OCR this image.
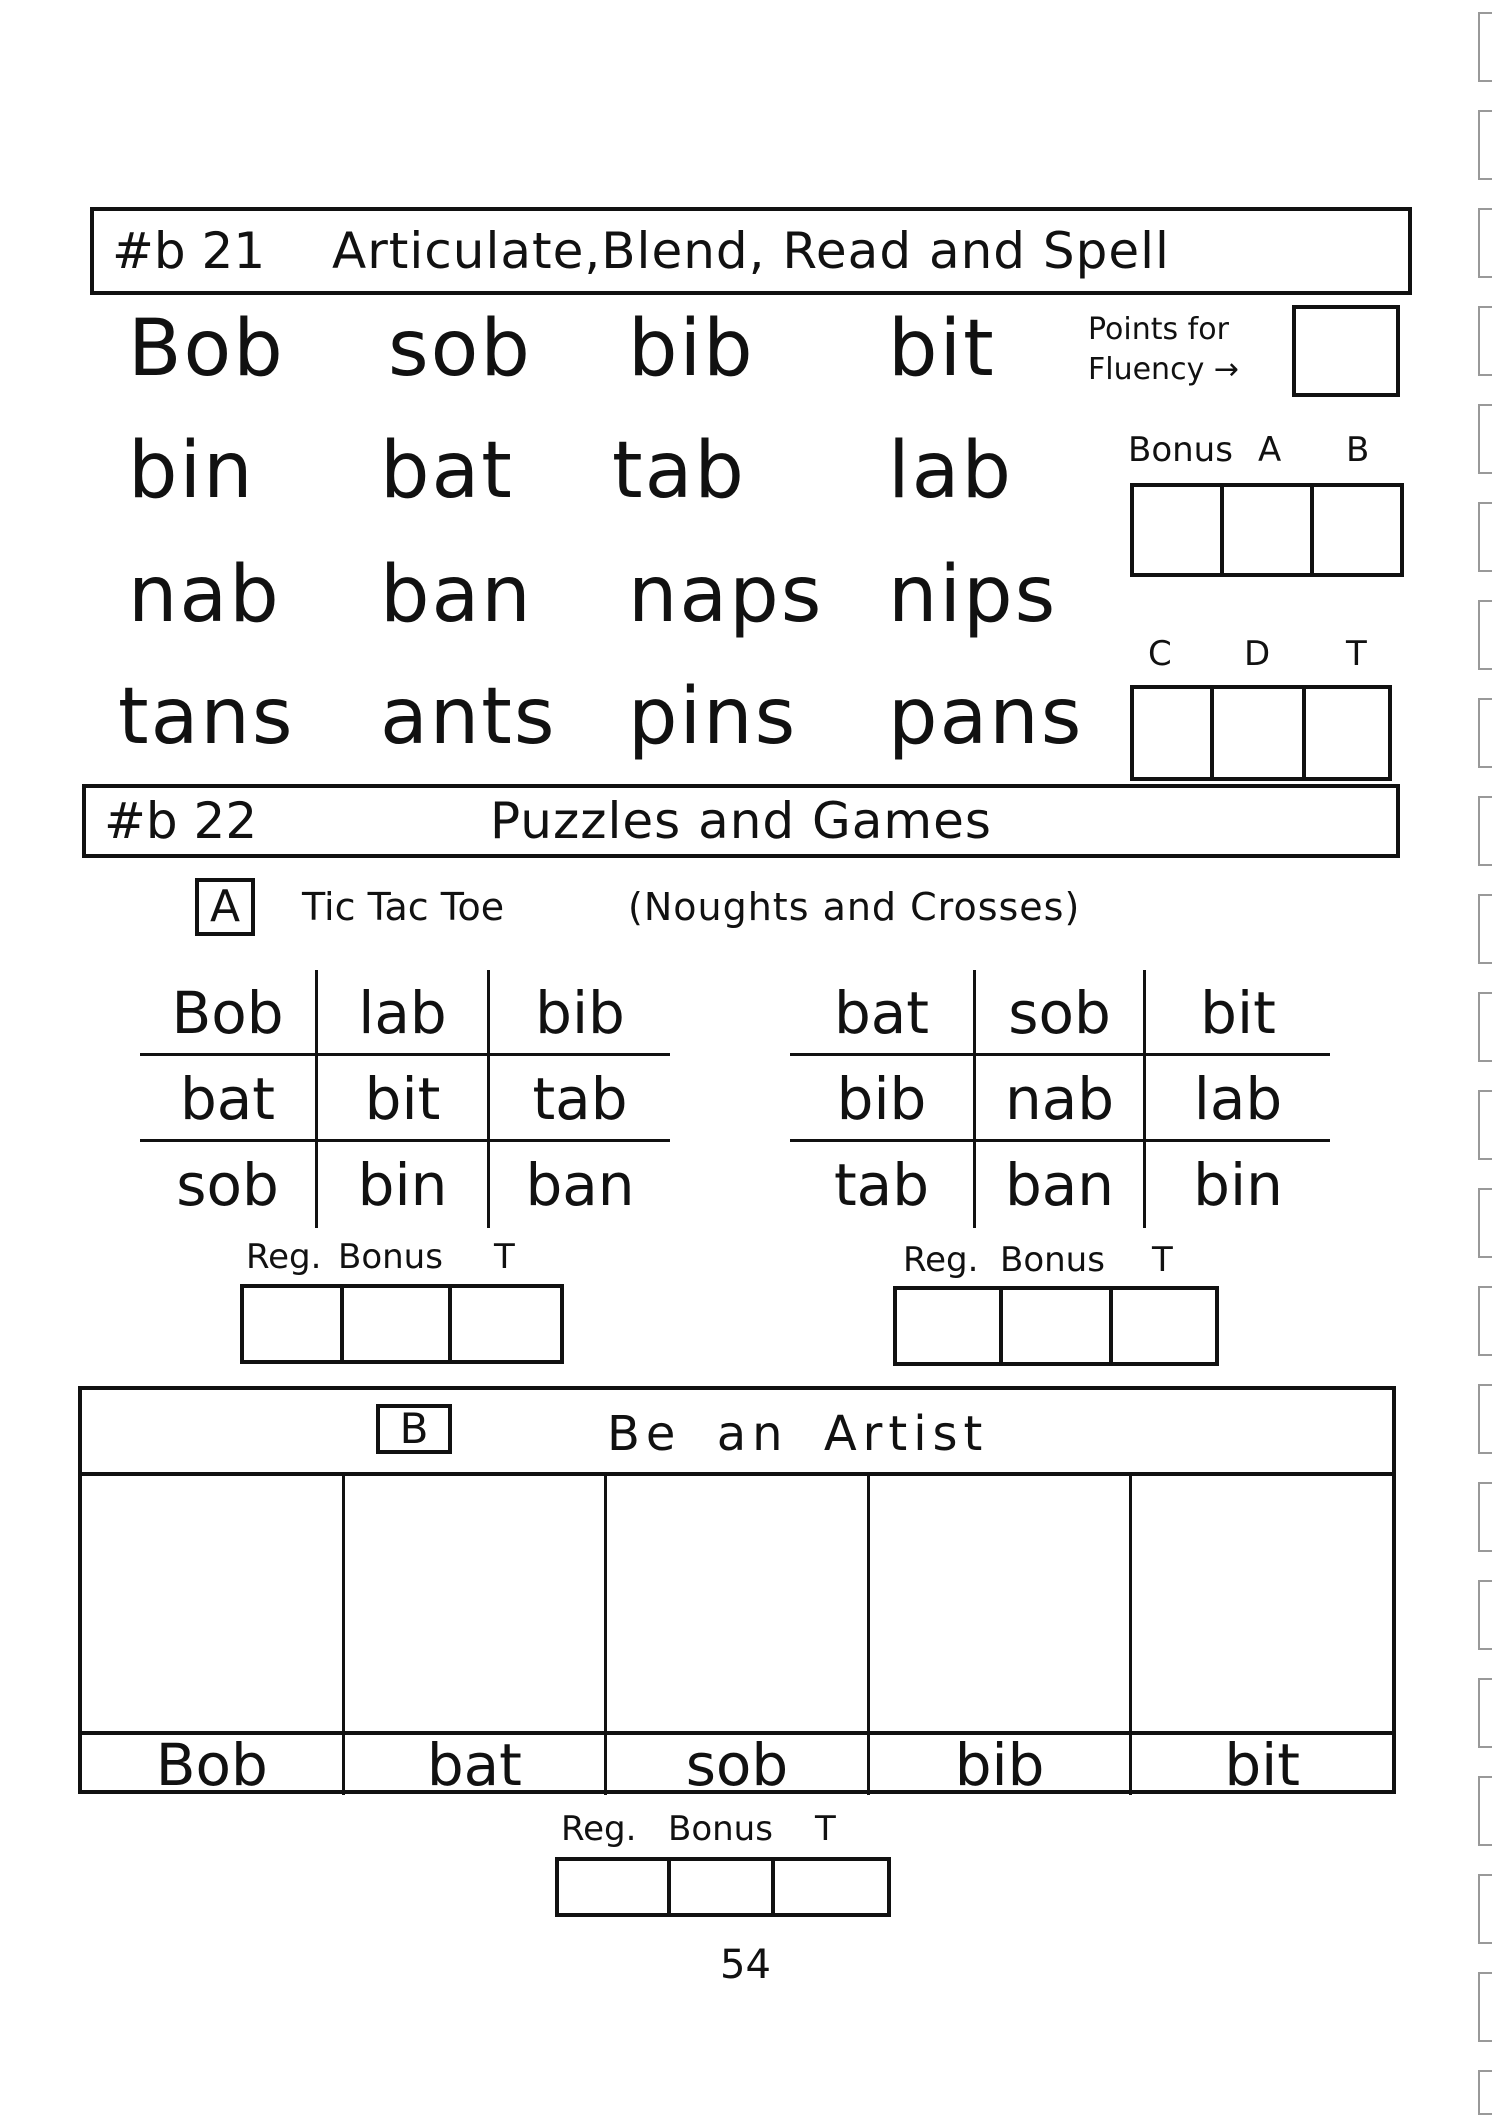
#b 21	Articulate,Blend, Read and Spell
Bob sob bib bit
bin bat tab lab
nab ban naps nips
tans ants pins pans
Points for
Fluency →
Bonus A B
C D T
#b 22	Puzzles and Games
A	Tic Tac Toe	(Noughts and Crosses)
Bob	lab	bib
bat	bit	tab
sob	bin	ban
bat	sob	bit
bib	nab	lab
tab	ban	bin
Reg. Bonus T	Reg. Bonus T
B	Be an Artist
Bob	bat	sob	bib	bit
Reg. Bonus T
54
